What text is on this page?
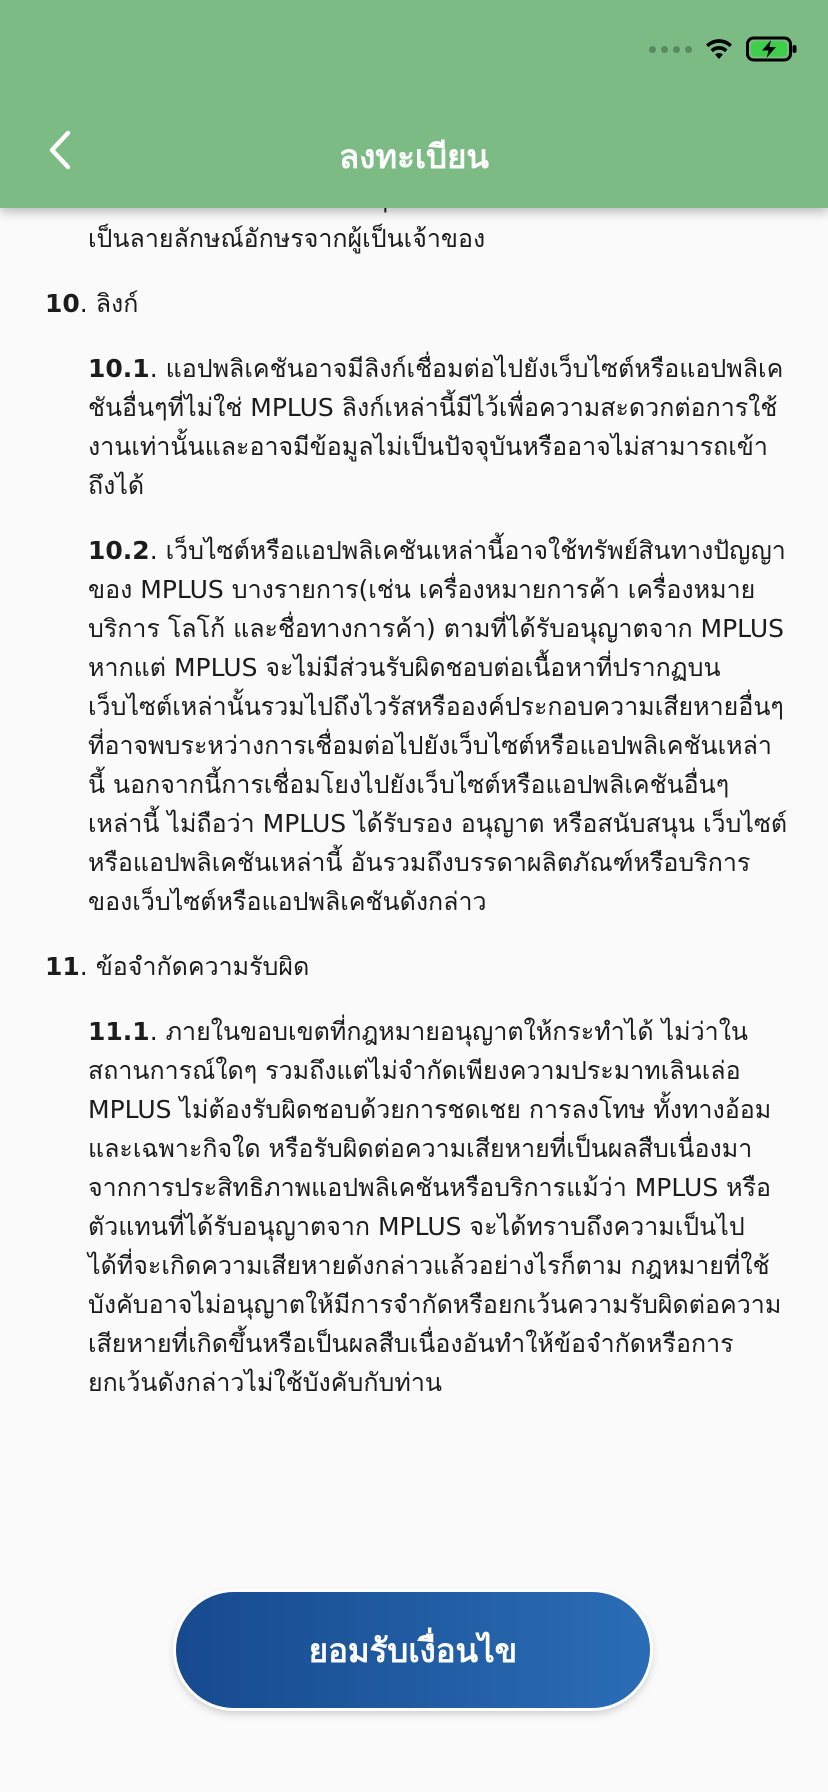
ลงทะเบียน
เป็นลายลักษณ์อักษรจากผู้เป็นเจ้าของ
10. ลิงก์
10.1. แอปพลิเคชันอาจมีลิงก์เชื่อมต่อไปยังเว็บไซต์หรือแอปพลิเคชันอื่นๆที่ไม่ใช่ MPLUS ลิงก์เหล่านี้มีไว้เพื่อความสะดวกต่อการใช้งานเท่านั้นและอาจมีข้อมูลไม่เป็นปัจจุบันหรืออาจไม่สามารถเข้าถึงได้
10.2. เว็บไซต์หรือแอปพลิเคชันเหล่านี้อาจใช้ทรัพย์สินทางปัญญาของ MPLUS บางรายการ(เช่น เครื่องหมายการค้า เครื่องหมายบริการ โลโก้ และชื่อทางการค้า) ตามที่ได้รับอนุญาตจาก MPLUS หากแต่ MPLUS จะไม่มีส่วนรับผิดชอบต่อเนื้อหาที่ปรากฏบนเว็บไซต์เหล่านั้นรวมไปถึงไวรัสหรือองค์ประกอบความเสียหายอื่นๆ ที่อาจพบระหว่างการเชื่อมต่อไปยังเว็บไซต์หรือแอปพลิเคชันเหล่านี้ นอกจากนี้การเชื่อมโยงไปยังเว็บไซต์หรือแอปพลิเคชันอื่นๆ เหล่านี้ ไม่ถือว่า MPLUS ได้รับรอง อนุญาต หรือสนับสนุน เว็บไซต์ หรือแอปพลิเคชันเหล่านี้ อันรวมถึงบรรดาผลิตภัณฑ์หรือบริการของเว็บไซต์หรือแอปพลิเคชันดังกล่าว
11. ข้อจำกัดความรับผิด
11.1. ภายในขอบเขตที่กฎหมายอนุญาตให้กระทำได้ ไม่ว่าในสถานการณ์ใดๆ รวมถึงแต่ไม่จำกัดเพียงความประมาทเลินเล่อ MPLUS ไม่ต้องรับผิดชอบด้วยการชดเชย การลงโทษ ทั้งทางอ้อมและเฉพาะกิจใด หรือรับผิดต่อความเสียหายที่เป็นผลสืบเนื่องมาจากการประสิทธิภาพแอปพลิเคชันหรือบริการแม้ว่า MPLUS หรือตัวแทนที่ได้รับอนุญาตจาก MPLUS จะได้ทราบถึงความเป็นไปได้ที่จะเกิดความเสียหายดังกล่าวแล้วอย่างไรก็ตาม กฎหมายที่ใช้บังคับอาจไม่อนุญาตให้มีการจำกัดหรือยกเว้นความรับผิดต่อความเสียหายที่เกิดขึ้นหรือเป็นผลสืบเนื่องอันทำให้ข้อจำกัดหรือการยกเว้นดังกล่าวไม่ใช้บังคับกับท่าน
ยอมรับเงื่อนไข
